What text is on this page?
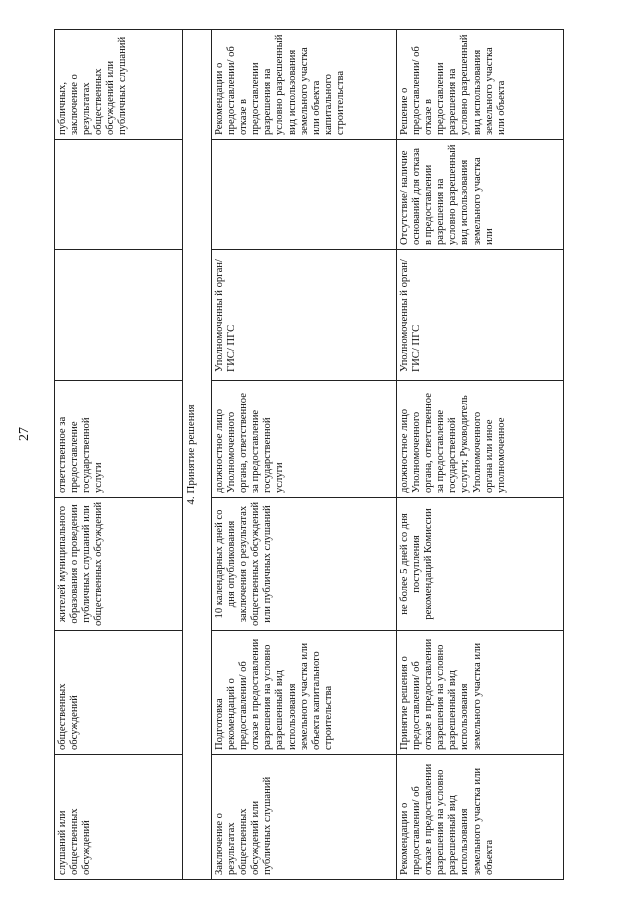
27
слушаний или общественных обсуждений	общественных обсуждений	жителей муниципального образования о проведении публичных слушаний или общественных обсуждений	ответственное за предоставление государственной услуги			публичных, заключение о результатах общественных обсуждений или публичных слушаний
4. Принятие решения						
Заключение о результатах общественных обсуждений или публичных слушаний	Подготовка рекомендаций о предоставлении/ об отказе в предоставлении разрешения на условно разрешенный вид использования земельного участка или объекта капитального строительства	10 календарных дней со дня опубликования заключения о результатах общественных обсуждений или публичных слушаний	должностное лицо Уполномоченного органа, ответственное за предоставление государственной услуги	Уполномоченны й орган/ГИС/ ПГС		Рекомендации о предоставлении/ об отказе в предоставлении разрешения на условно разрешенный вид использования земельного участка или объекта капитального строительства
Рекомендации о предоставлении/ об отказе в предоставлении разрешения на условно разрешенный вид использования земельного участка или объекта	Принятие решения о предоставлении/ об отказе в предоставлении разрешения на условно разрешенный вид использования земельного участка или	не более 5 дней со дня поступления рекомендаций Комиссии	должностное лицо Уполномоченного органа, ответственное за предоставление государственной услуги; Руководитель Уполномоченного органа или иное уполномоченное	Уполномоченны й орган/ГИС/ ПГС	Отсутствие/ наличие оснований для отказа в предоставлении разрешения на условно разрешенный вид использования земельного участка или	Решение о предоставлении/ об отказе в предоставлении разрешения на условно разрешенный вид использования земельного участка или объекта
